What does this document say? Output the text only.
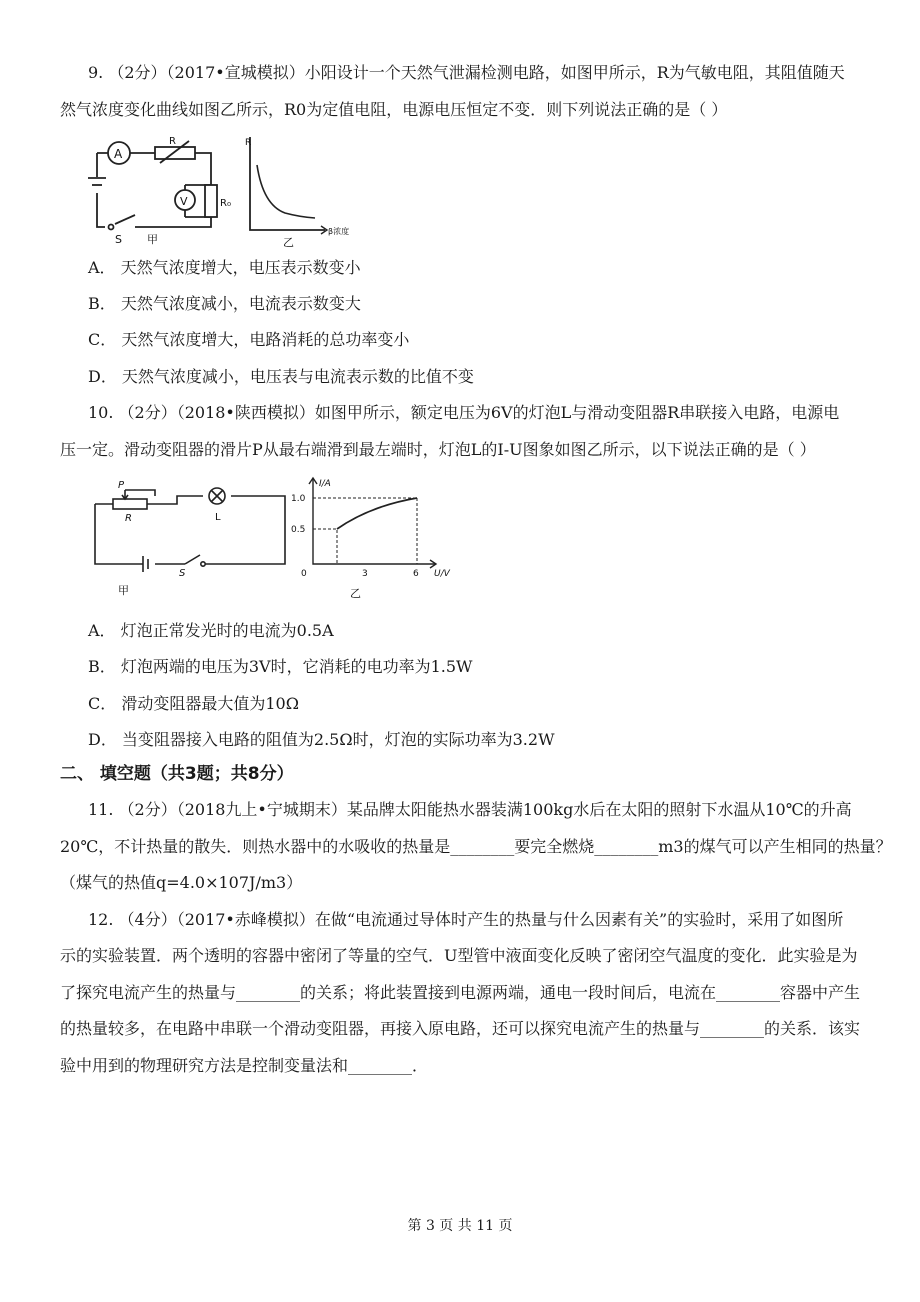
9. （2分）（2017•宣城模拟）小阳设计一个天然气泄漏检测电路，如图甲所示，R为气敏电阻，其阻值随天
然气浓度变化曲线如图乙所示，R0为定值电阻，电源电压恒定不变．则下列说法正确的是（ ）
A
V
R
R₀
S 甲
R
β浓度
乙
A． 天然气浓度增大，电压表示数变小
B． 天然气浓度减小，电流表示数变大
C． 天然气浓度增大，电路消耗的总功率变小
D． 天然气浓度减小，电压表与电流表示数的比值不变
10. （2分）（2018•陕西模拟）如图甲所示，额定电压为6V的灯泡L与滑动变阻器R串联接入电路，电源电
压一定。滑动变阻器的滑片P从最右端滑到最左端时，灯泡L的I-U图象如图乙所示，以下说法正确的是（ ）
P
R	L
S
甲
I/A
1.0
0.5
0	3	6 U/V
乙
A． 灯泡正常发光时的电流为0.5A
B． 灯泡两端的电压为3V时，它消耗的电功率为1.5W
C． 滑动变阻器最大值为10Ω
D． 当变阻器接入电路的阻值为2.5Ω时，灯泡的实际功率为3.2W
二、 填空题（共3题；共8分）
11. （2分）（2018九上•宁城期末）某品牌太阳能热水器装满100kg水后在太阳的照射下水温从10℃的升高
20℃，不计热量的散失．则热水器中的水吸收的热量是________要完全燃烧________m3的煤气可以产生相同的热量？
（煤气的热值q=4.0×107J/m3）
12. （4分）（2017•赤峰模拟）在做“电流通过导体时产生的热量与什么因素有关”的实验时，采用了如图所
示的实验装置．两个透明的容器中密闭了等量的空气．U型管中液面变化反映了密闭空气温度的变化．此实验是为
了探究电流产生的热量与________的关系；将此装置接到电源两端，通电一段时间后，电流在________容器中产生
的热量较多，在电路中串联一个滑动变阻器，再接入原电路，还可以探究电流产生的热量与________的关系．该实
验中用到的物理研究方法是控制变量法和________．
第 3 页 共 11 页
